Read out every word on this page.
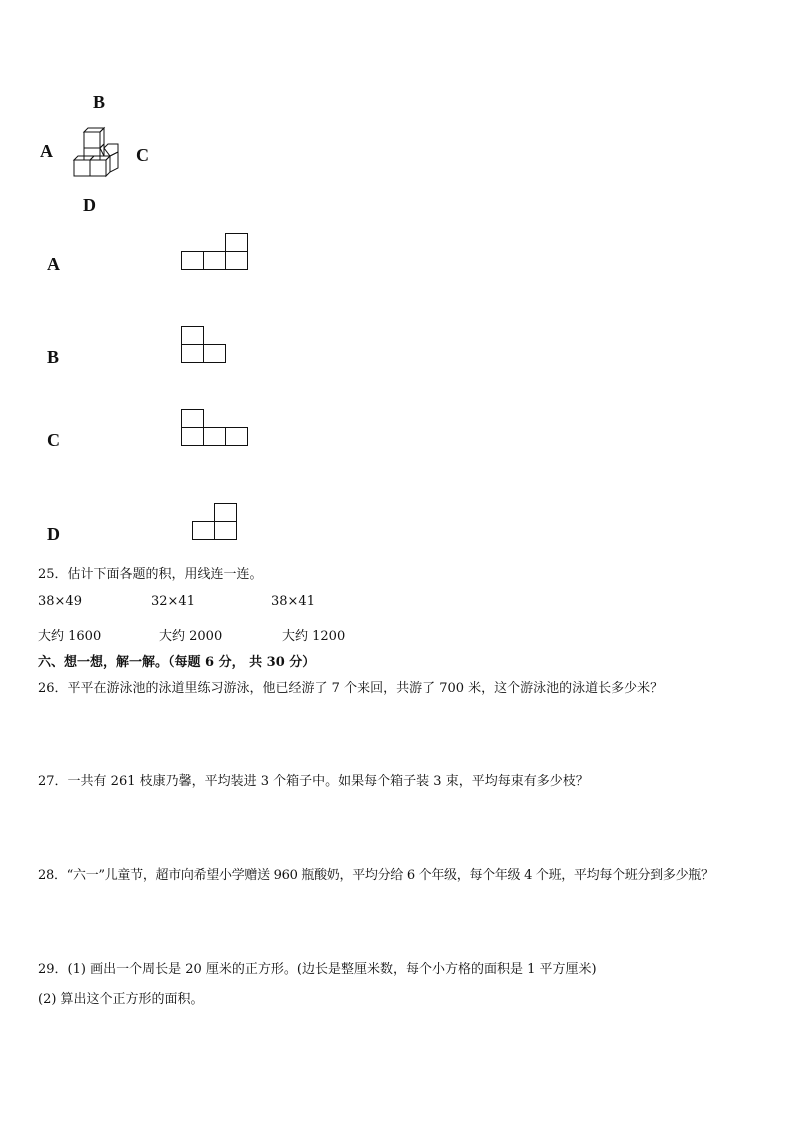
B
A	C
D
A
B
C
D
25．估计下面各题的积，用线连一连。
38×49	32×41	38×41
大约 1600	大约 2000	大约 1200
六、想一想，解一解。（每题 6 分， 共 30 分）
26．平平在游泳池的泳道里练习游泳，他已经游了 7 个来回，共游了 700 米，这个游泳池的泳道长多少米？
27．一共有 261 枝康乃馨，平均装进 3 个箱子中。如果每个箱子装 3 束，平均每束有多少枝？
28．“六一”儿童节，超市向希望小学赠送 960 瓶酸奶，平均分给 6 个年级，每个年级 4 个班，平均每个班分到多少瓶？
29．(1) 画出一个周长是 20 厘米的正方形。(边长是整厘米数，每个小方格的面积是 1 平方厘米)
(2) 算出这个正方形的面积。
